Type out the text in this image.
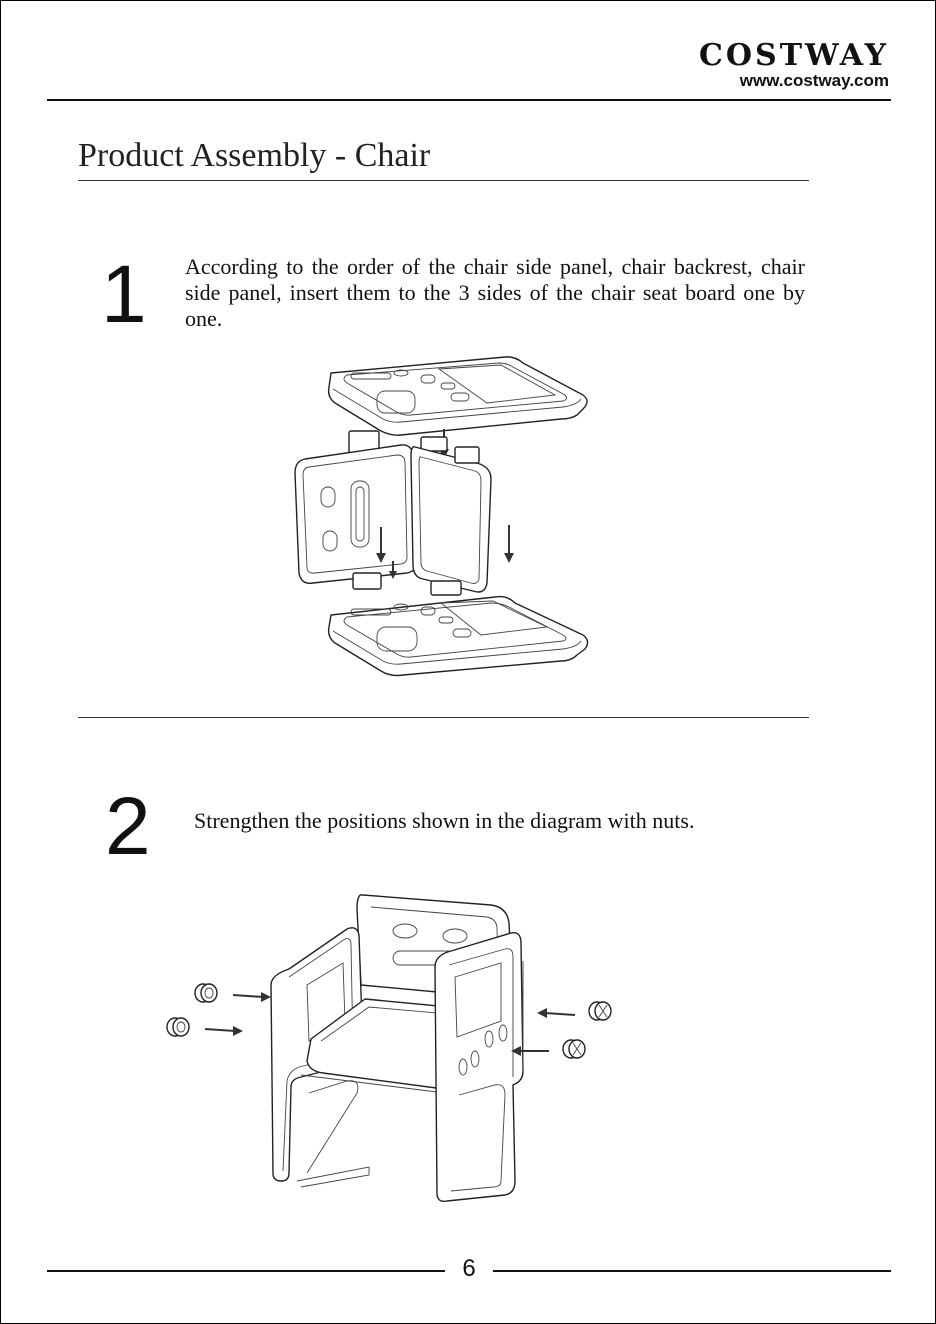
COSTWAY
www.costway.com
Product Assembly - Chair
1 According to the order of the chair side panel, chair backrest, chair side panel, insert them to the 3 sides of the chair seat board one by one.
2 Strengthen the positions shown in the diagram with nuts.
6
